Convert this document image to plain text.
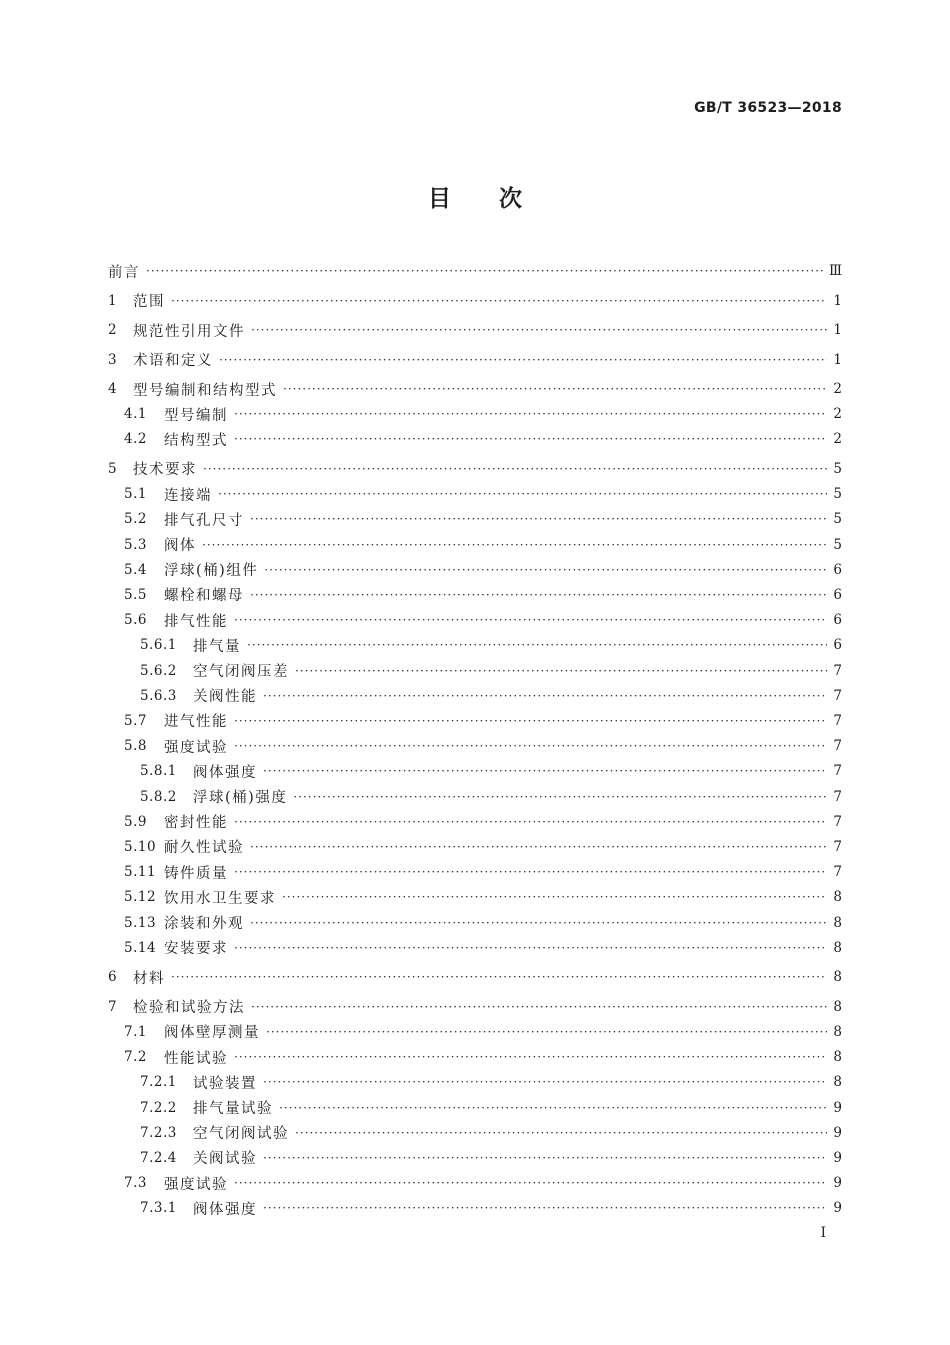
GB/T 36523—2018
目次
前言 ·····	Ⅲ
1	范围 ·····	1
2	规范性引用文件 ·····	1
3	术语和定义 ·····	1
4	型号编制和结构型式 ·····	2
4.1	型号编制 ·····	2
4.2	结构型式 ·····	2
5	技术要求 ·····	5
5.1	连接端 ·····	5
5.2	排气孔尺寸 ·····	5
5.3	阀体 ·····	5
5.4	浮球(桶)组件 ·····	6
5.5	螺栓和螺母 ·····	6
5.6	排气性能 ·····	6
5.6.1	排气量 ·····	6
5.6.2	空气闭阀压差 ·····	7
5.6.3	关阀性能 ·····	7
5.7	进气性能 ·····	7
5.8	强度试验 ·····	7
5.8.1	阀体强度 ·····	7
5.8.2	浮球(桶)强度 ·····	7
5.9	密封性能 ·····	7
5.10 耐久性试验 ·····	7
5.11 铸件质量 ·····	7
5.12 饮用水卫生要求 ·····	8
5.13 涂装和外观 ·····	8
5.14 安装要求 ·····	8
6	材料 ·····	8
7	检验和试验方法 ·····	8
7.1	阀体壁厚测量 ·····	8
7.2	性能试验 ·····	8
7.2.1	试验装置 ·····	8
7.2.2	排气量试验 ·····	9
7.2.3	空气闭阀试验 ·····	9
7.2.4	关阀试验 ·····	9
7.3	强度试验 ·····	9
7.3.1	阀体强度 ·····	9
I
